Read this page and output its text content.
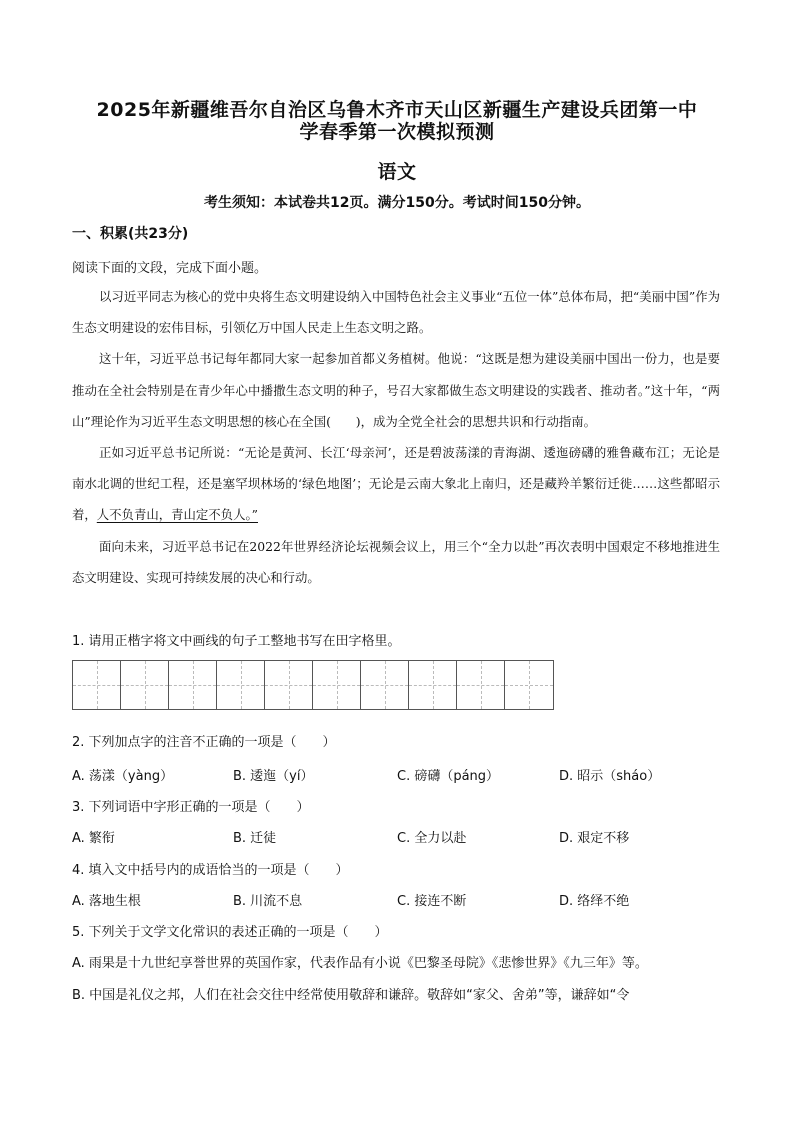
2025年新疆维吾尔自治区乌鲁木齐市天山区新疆生产建设兵团第一中
学春季第一次模拟预测
语文
考生须知：本试卷共12页。满分150分。考试时间150分钟。
一、积累(共23分)
阅读下面的文段，完成下面小题。

以习近平同志为核心的党中央将生态文明建设纳入中国特色社会主义事业“五位一体”总体布局，把“美丽中国”作为生态文明建设的宏伟目标，引领亿万中国人民走上生态文明之路。

这十年，习近平总书记每年都同大家一起参加首都义务植树。他说：“这既是想为建设美丽中国出一份力，也是要推动在全社会特别是在青少年心中播撒生态文明的种子，号召大家都做生态文明建设的实践者、推动者。”这十年，“两山”理论作为习近平生态文明思想的核心在全国(　　)，成为全党全社会的思想共识和行动指南。

正如习近平总书记所说：“无论是黄河、长江‘母亲河’，还是碧波荡漾的青海湖、逶迤磅礴的雅鲁藏布江；无论是南水北调的世纪工程，还是塞罕坝林场的‘绿色地图’；无论是云南大象北上南归，还是藏羚羊繁衍迁徙……这些都昭示着，人不负青山，青山定不负人。”

面向未来，习近平总书记在2022年世界经济论坛视频会议上，用三个“全力以赴”再次表明中国艰定不移地推进生态文明建设、实现可持续发展的决心和行动。

1. 请用正楷字将文中画线的句子工整地书写在田字格里。
2. 下列加点字的注音不正确的一项是（　　）
A. 荡漾（yàng）	B. 逶迤（yí）	C. 磅礴（páng）	D. 昭示（sháo）
3. 下列词语中字形正确的一项是（　　）
A. 繁衔	B. 迁徒	C. 全力以赴	D. 艰定不移
4. 填入文中括号内的成语恰当的一项是（　　）
A. 落地生根	B. 川流不息	C. 接连不断	D. 络绎不绝
5. 下列关于文学文化常识的表述正确的一项是（　　）
A. 雨果是十九世纪享誉世界的英国作家，代表作品有小说《巴黎圣母院》《悲惨世界》《九三年》等。
B. 中国是礼仪之邦，人们在社会交往中经常使用敬辞和谦辞。敬辞如“家父、舍弟”等，谦辞如“令
